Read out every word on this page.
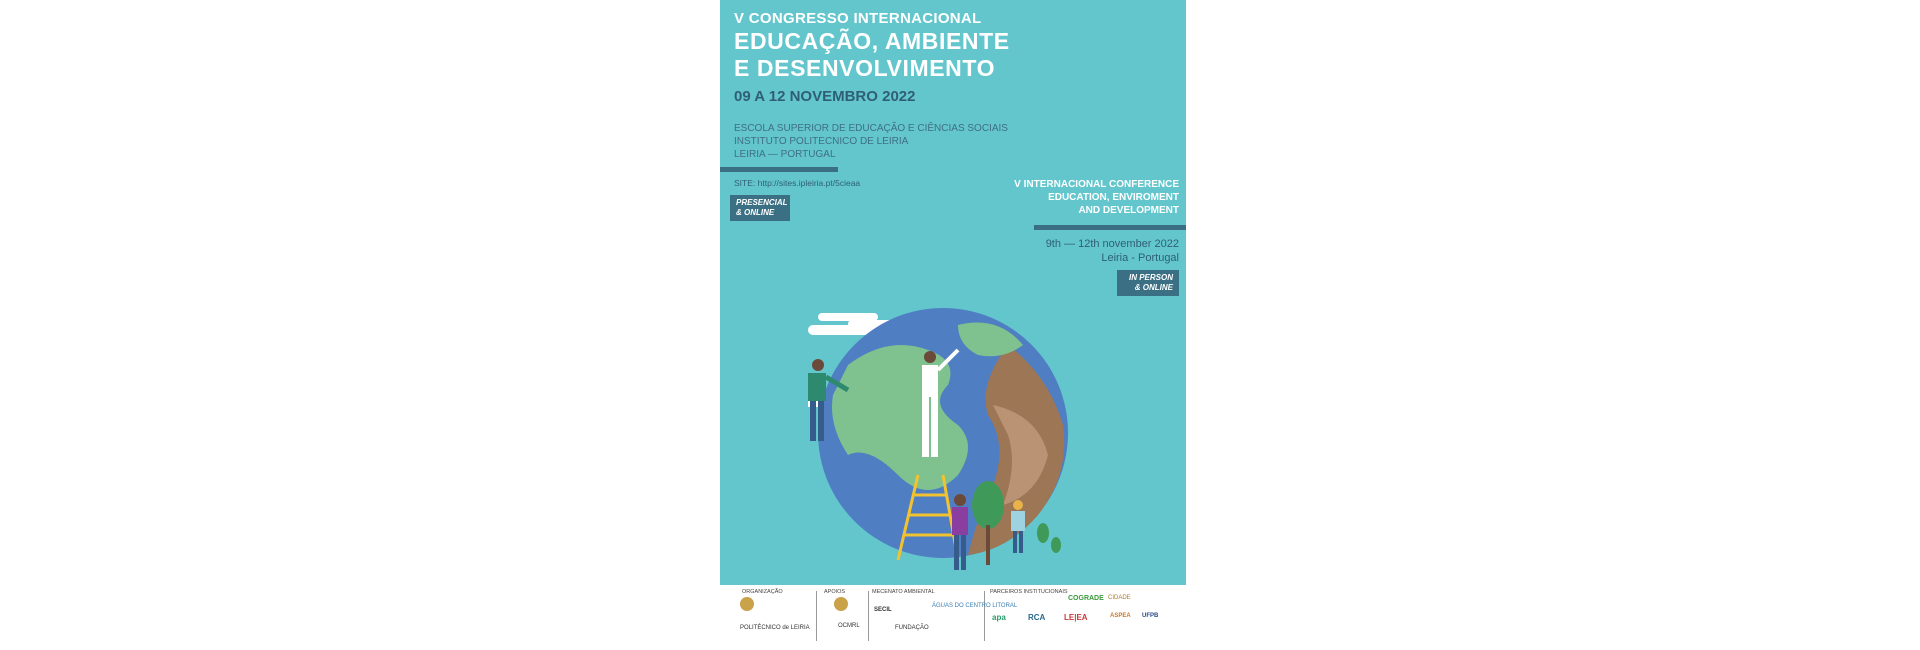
V CONGRESSO INTERNACIONAL
EDUCAÇÃO, AMBIENTE
E DESENVOLVIMENTO
09 A 12 NOVEMBRO 2022
ESCOLA SUPERIOR DE EDUCAÇÃO E CIÊNCIAS SOCIAIS
INSTITUTO POLITECNICO DE LEIRIA
LEIRIA — PORTUGAL
SITE: http://sites.ipleiria.pt/5cieaa
PRESENCIAL
& ONLINE
V INTERNACIONAL CONFERENCE
EDUCATION, ENVIROMENT
AND DEVELOPMENT
9th — 12th november 2022
Leiria - Portugal
IN PERSON
& ONLINE
ORGANIZAÇÃO	APOIOS	MECENATO AMBIENTAL	PARCEIROS INSTITUCIONAIS
POLITÉCNICO de LEIRIA	OCMRL
SECIL
FUNDAÇÃO
ÁGUAS DO CENTRO LITORAL
apa	RCA LE|EA
COGRADE CIDADE
UFPB
ASPEA
